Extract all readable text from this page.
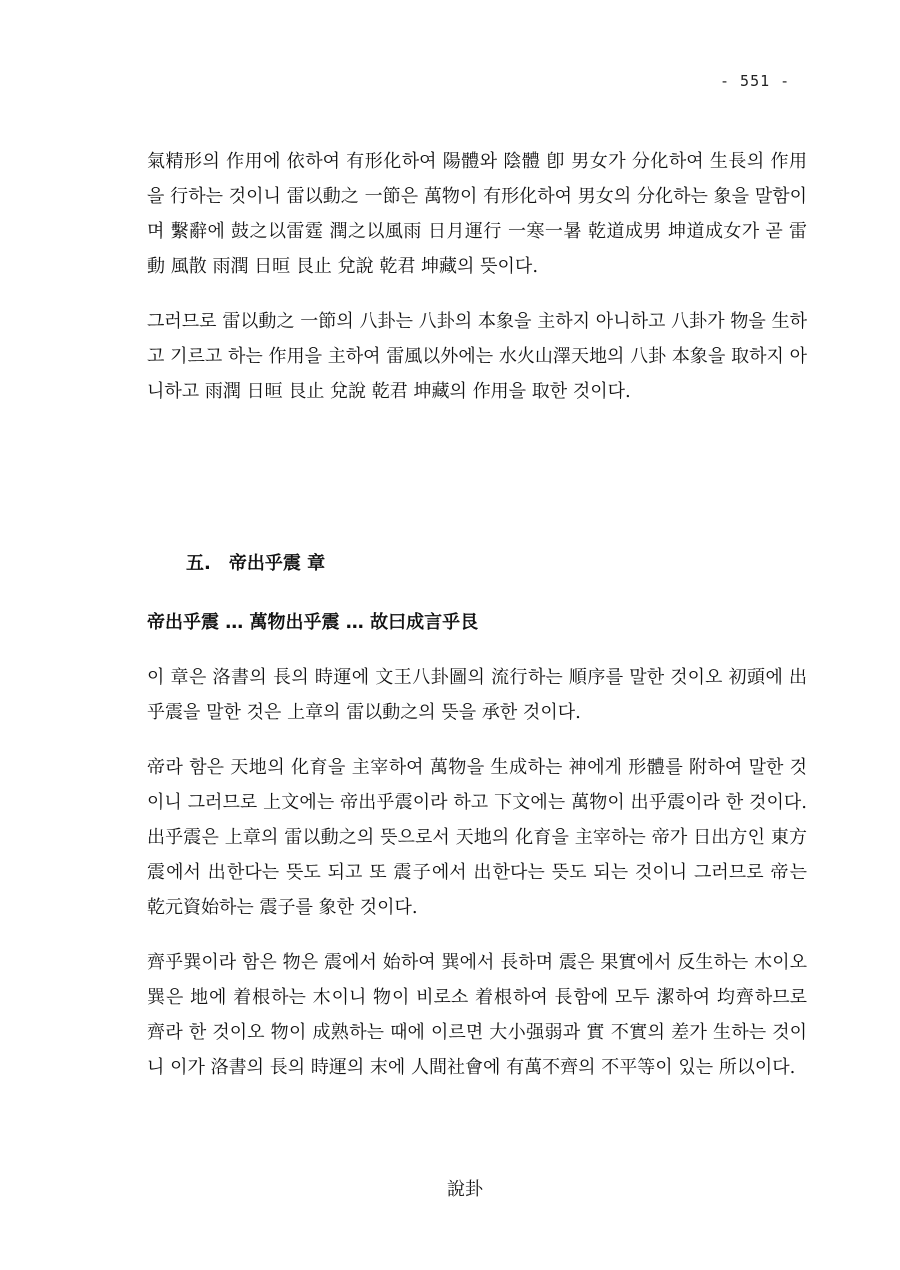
- 551 -

氣精形의 作用에 依하여 有形化하여 陽體와 陰體 卽 男女가 分化하여 生長의 作用을 行하는 것이니 雷以動之 一節은 萬物이 有形化하여 男女의 分化하는 象을 말함이며 繫辭에 鼓之以雷霆 潤之以風雨 日月運行 一寒一暑 乾道成男 坤道成女가 곧 雷動 風散 雨潤 日晅 艮止 兌說 乾君 坤藏의 뜻이다.

그러므로 雷以動之 一節의 八卦는 八卦의 本象을 主하지 아니하고 八卦가 物을 生하고 기르고 하는 作用을 主하여 雷風以外에는 水火山澤天地의 八卦 本象을 取하지 아니하고 雨潤 日晅 艮止 兌說 乾君 坤藏의 作用을 取한 것이다.

五. 帝出乎震 章
帝出乎震 … 萬物出乎震 … 故曰成言乎艮

이 章은 洛書의 長의 時運에 文王八卦圖의 流行하는 順序를 말한 것이오 初頭에 出乎震을 말한 것은 上章의 雷以動之의 뜻을 承한 것이다.

帝라 함은 天地의 化育을 主宰하여 萬物을 生成하는 神에게 形體를 附하여 말한 것이니 그러므로 上文에는 帝出乎震이라 하고 下文에는 萬物이 出乎震이라 한 것이다. 出乎震은 上章의 雷以動之의 뜻으로서 天地의 化育을 主宰하는 帝가 日出方인 東方震에서 出한다는 뜻도 되고 또 震子에서 出한다는 뜻도 되는 것이니 그러므로 帝는 乾元資始하는 震子를 象한 것이다.

齊乎巽이라 함은 物은 震에서 始하여 巽에서 長하며 震은 果實에서 反生하는 木이오 巽은 地에 着根하는 木이니 物이 비로소 着根하여 長함에 모두 潔하여 均齊하므로 齊라 한 것이오 物이 成熟하는 때에 이르면 大小强弱과 實 不實의 差가 生하는 것이니 이가 洛書의 長의 時運의 末에 人間社會에 有萬不齊의 不平等이 있는 所以이다.

說卦
